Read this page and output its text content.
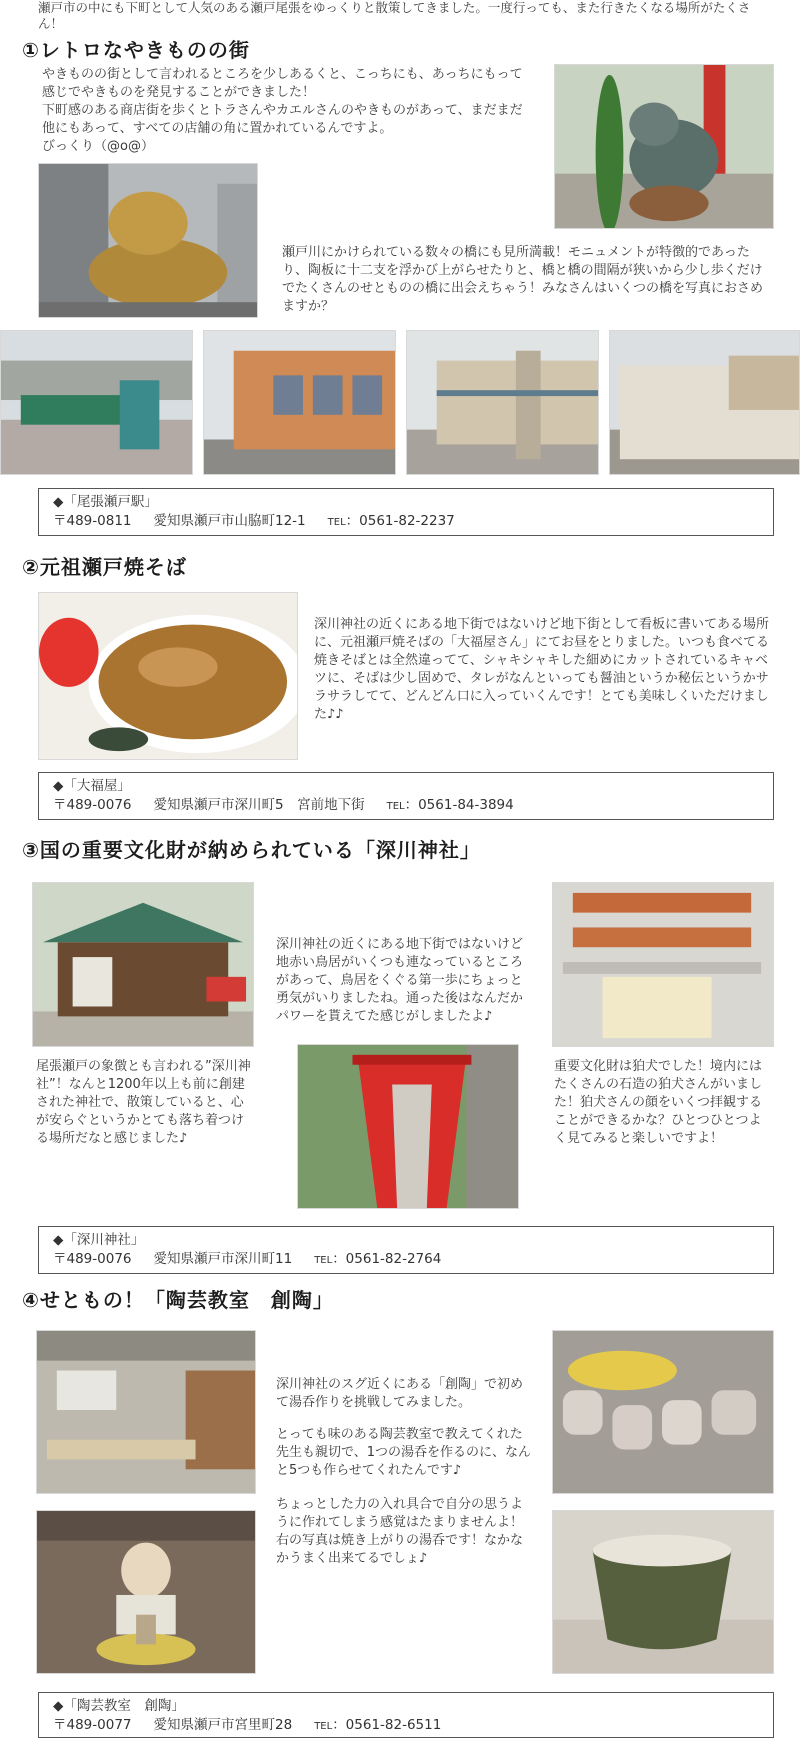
瀬戸市の中にも下町として人気のある瀬戸尾張をゆっくりと散策してきました。一度行っても、また行きたくなる場所がたくさん！
①レトロなやきものの街
やきものの街として言われるところを少しあるくと、こっちにも、あっちにもって感じでやきものを発見することができました！
下町感のある商店街を歩くとトラさんやカエルさんのやきものがあって、まだまだ他にもあって、すべての店舗の角に置かれているんですよ。
びっくり（@o@）
瀬戸川にかけられている数々の橋にも見所満載！モニュメントが特徴的であったり、陶板に十二支を浮かび上がらせたりと、橋と橋の間隔が狭いから少し歩くだけでたくさんのせとものの橋に出会えちゃう！みなさんはいくつの橋を写真におさめますか？
◆「尾張瀬戸駅」
〒489-0811 愛知県瀬戸市山脇町12-1 TEL：0561-82-2237
②元祖瀬戸焼そば
深川神社の近くにある地下街ではないけど地下街として看板に書いてある場所に、元祖瀬戸焼そばの「大福屋さん」にてお昼をとりました。いつも食べてる焼きそばとは全然違ってて、シャキシャキした細めにカットされているキャベツに、そばは少し固めで、タレがなんといっても醤油というか秘伝というかサラサラしてて、どんどん口に入っていくんです！とても美味しくいただけました♪♪
◆「大福屋」
〒489-0076 愛知県瀬戸市深川町5　宮前地下街 TEL：0561-84-3894
③国の重要文化財が納められている「深川神社」
深川神社の近くにある地下街ではないけど地赤い鳥居がいくつも連なっているところがあって、鳥居をくぐる第一歩にちょっと勇気がいりましたね。通った後はなんだかパワーを貰えてた感じがしましたよ♪
尾張瀬戸の象徴とも言われる”深川神社”！なんと1200年以上も前に創建された神社で、散策していると、心が安らぐというかとても落ち着つける場所だなと感じました♪
重要文化財は狛犬でした！境内にはたくさんの石造の狛犬さんがいました！狛犬さんの顔をいくつ拝観することができるかな？ひとつひとつよく見てみると楽しいですよ！
◆「深川神社」
〒489-0076 愛知県瀬戸市深川町11 TEL：0561-82-2764
④せともの！「陶芸教室　創陶」
深川神社のスグ近くにある「創陶」で初めて湯呑作りを挑戦してみました。
とっても味のある陶芸教室で教えてくれた先生も親切で、1つの湯呑を作るのに、なんと5つも作らせてくれたんです♪
ちょっとした力の入れ具合で自分の思うように作れてしまう感覚はたまりませんよ！
右の写真は焼き上がりの湯呑です！なかなかうまく出来てるでしょ♪
◆「陶芸教室　創陶」
〒489-0077 愛知県瀬戸市宮里町28 TEL：0561-82-6511
